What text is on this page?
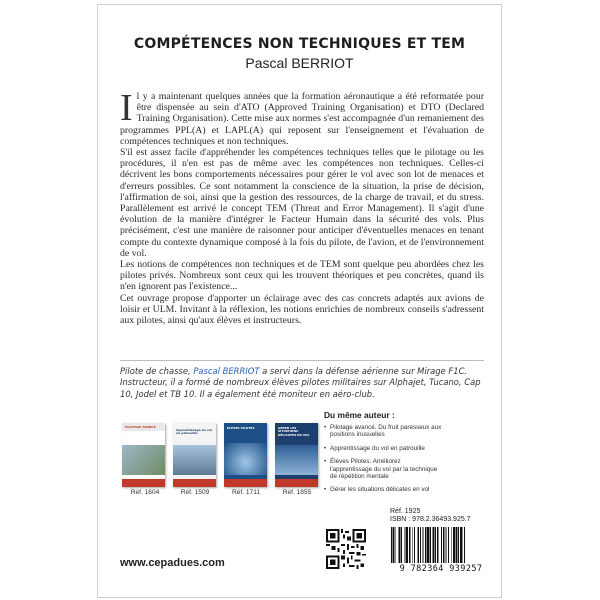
COMPÉTENCES NON TECHNIQUES ET TEM
Pascal BERRIOT

Il y a maintenant quelques années que la formation aéronautique a été reformatée pour être dispensée au sein d'ATO (Approved Training Organisation) et DTO (Declared Training Organisation). Cette mise aux normes s'est accompagnée d'un remaniement des programmes PPL(A) et LAPL(A) qui reposent sur l'enseignement et l'évaluation de compétences techniques et non techniques.

S'il est assez facile d'appréhender les compétences techniques telles que le pilotage ou les procédures, il n'en est pas de même avec les compétences non techniques. Celles-ci décrivent les bons comportements nécessaires pour gérer le vol avec son lot de menaces et d'erreurs possibles. Ce sont notamment la conscience de la situation, la prise de décision, l'affirmation de soi, ainsi que la gestion des ressources, de la charge de travail, et du stress. Parallèlement est arrivé le concept TEM (Threat and Error Management). Il s'agit d'une évolution de la manière d'intégrer le Facteur Humain dans la sécurité des vols. Plus précisément, c'est une manière de raisonner pour anticiper d'éventuelles menaces en tenant compte du contexte dynamique composé à la fois du pilote, de l'avion, et de l'environnement de vol.

Les notions de compétences non techniques et de TEM sont quelque peu abordées chez les pilotes privés. Nombreux sont ceux qui les trouvent théoriques et peu concrètes, quand ils n'en ignorent pas l'existence...

Cet ouvrage propose d'apporter un éclairage avec des cas concrets adaptés aux avions de loisir et ULM. Invitant à la réflexion, les notions enrichies de nombreux conseils s'adressent aux pilotes, ainsi qu'aux élèves et instructeurs.

Pilote de chasse, Pascal BERRIOT a servi dans la défense aérienne sur Mirage F1C. Instructeur, il a formé de nombreux élèves pilotes militaires sur Alphajet, Tucano, Cap 10, Jodel et TB 10. Il a également été moniteur en aéro-club.
PILOTAGE AVANCÉ
Réf. 1604
Apprentissage du vol en patrouille
Réf. 1509
ÉLÈVES PILOTES
Réf. 1711
GÉRER LES SITUATIONS DÉLICATES EN VOL
Réf. 1855
Du même auteur :
• Pilotage avancé. Du fruit paresseux aux positions inusuelles
• Apprentissage du vol en patrouille
• Élèves Pilotes. Améliorez l'apprentissage du vol par la technique de répétition mentale
• Gérer les situations délicates en vol
Réf. 1925
ISBN : 978.2.36493.925.7
9 782364 939257
www.cepadues.com
